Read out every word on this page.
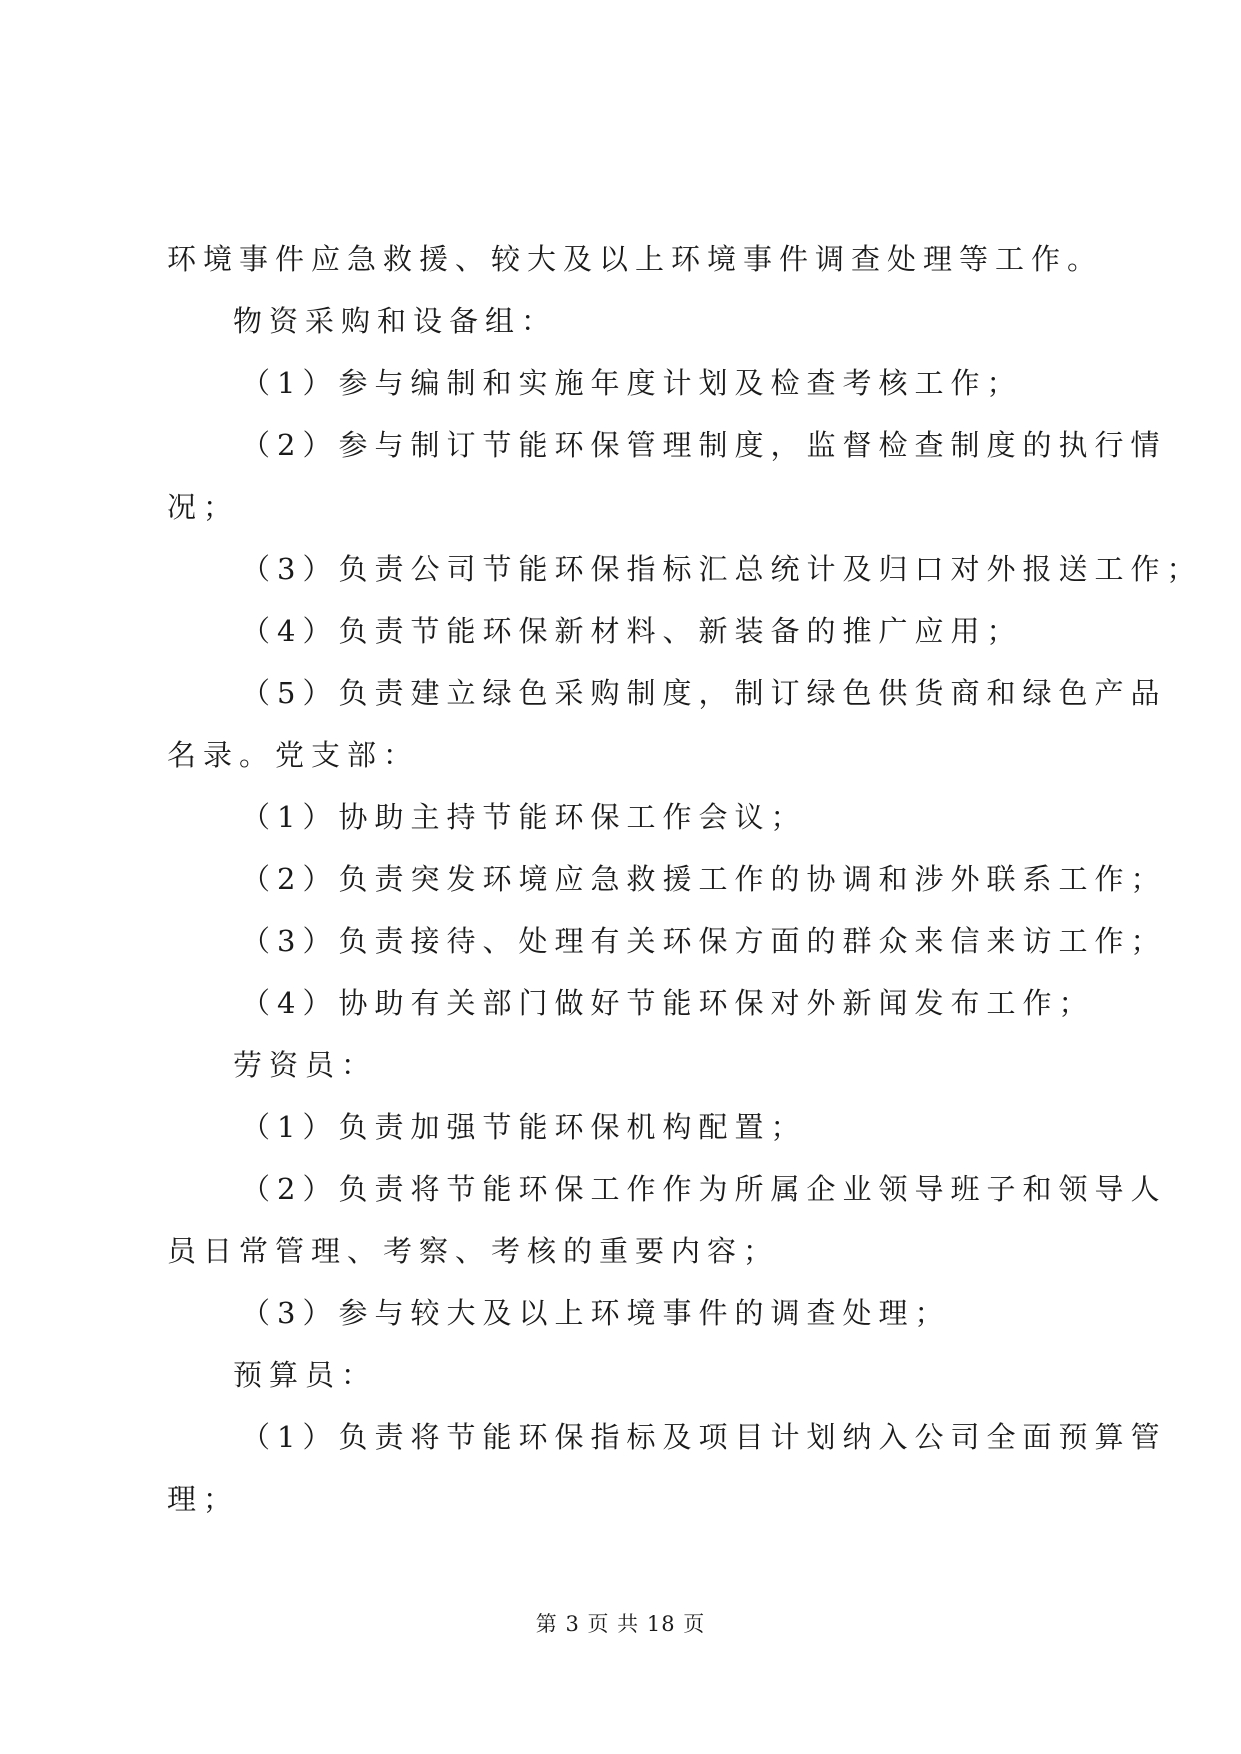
环境事件应急救援、较大及以上环境事件调查处理等工作。
物资采购和设备组：
（1）参与编制和实施年度计划及检查考核工作；
（2）参与制订节能环保管理制度，监督检查制度的执行情
况；
（3）负责公司节能环保指标汇总统计及归口对外报送工作；
（4）负责节能环保新材料、新装备的推广应用；
（5）负责建立绿色采购制度，制订绿色供货商和绿色产品
名录。党支部：
（1）协助主持节能环保工作会议；
（2）负责突发环境应急救援工作的协调和涉外联系工作；
（3）负责接待、处理有关环保方面的群众来信来访工作；
（4）协助有关部门做好节能环保对外新闻发布工作；
劳资员：
（1）负责加强节能环保机构配置；
（2）负责将节能环保工作作为所属企业领导班子和领导人
员日常管理、考察、考核的重要内容；
（3）参与较大及以上环境事件的调查处理；
预算员：
（1）负责将节能环保指标及项目计划纳入公司全面预算管
理；
第 3 页 共 18 页
